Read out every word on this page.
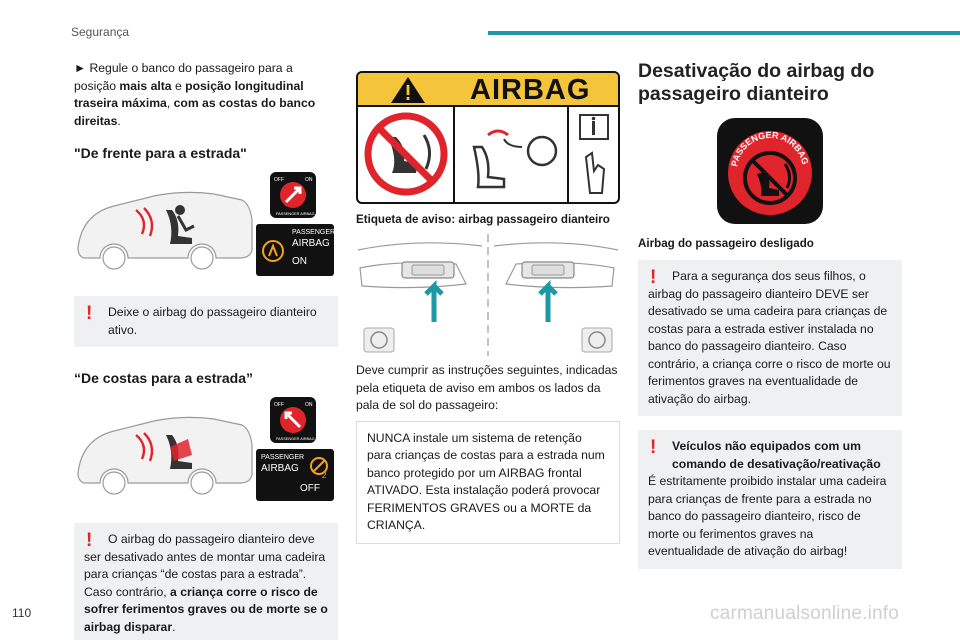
Segurança

► Regule o banco do passageiro para a posição mais alta e posição longitudinal traseira máxima, com as costas do banco direitas.

"De frente para a estrada"
OFF	ON
PASSENGER AIRBAG
PASSENGER
AIRBAG
ON
!	Deixe o airbag do passageiro dianteiro ativo.

“De costas para a estrada”
OFF	ON
PASSENGER AIRBAG
PASSENGER
AIRBAG
2
OFF
!	O airbag do passageiro dianteiro deve ser desativado antes de montar uma cadeira para crianças “de costas para a estrada”. Caso contrário, a criança corre o risco de sofrer ferimentos graves ou de morte se o airbag disparar.

AIRBAG

Etiqueta de aviso: airbag passageiro dianteiro

Deve cumprir as instruções seguintes, indicadas pela etiqueta de aviso em ambos os lados da pala de sol do passageiro:

NUNCA instale um sistema de retenção para crianças de costas para a estrada num banco protegido por um AIRBAG frontal ATIVADO. Esta instalação poderá provocar FERIMENTOS GRAVES ou a MORTE da CRIANÇA.

Desativação do airbag do passageiro dianteiro
PASSENGER AIRBAG

Airbag do passageiro desligado

!	Para a segurança dos seus filhos, o airbag do passageiro dianteiro DEVE ser desativado se uma cadeira para crianças de costas para a estrada estiver instalada no banco do passageiro dianteiro. Caso contrário, a criança corre o risco de morte ou ferimentos graves na eventualidade de ativação do airbag.

!	Veículos não equipados com um comando de desativação/reativação

É estritamente proibido instalar uma cadeira para crianças de frente para a estrada no banco do passageiro dianteiro, risco de morte ou ferimentos graves na eventualidade de ativação do airbag!

110	carmanualsonline.info
